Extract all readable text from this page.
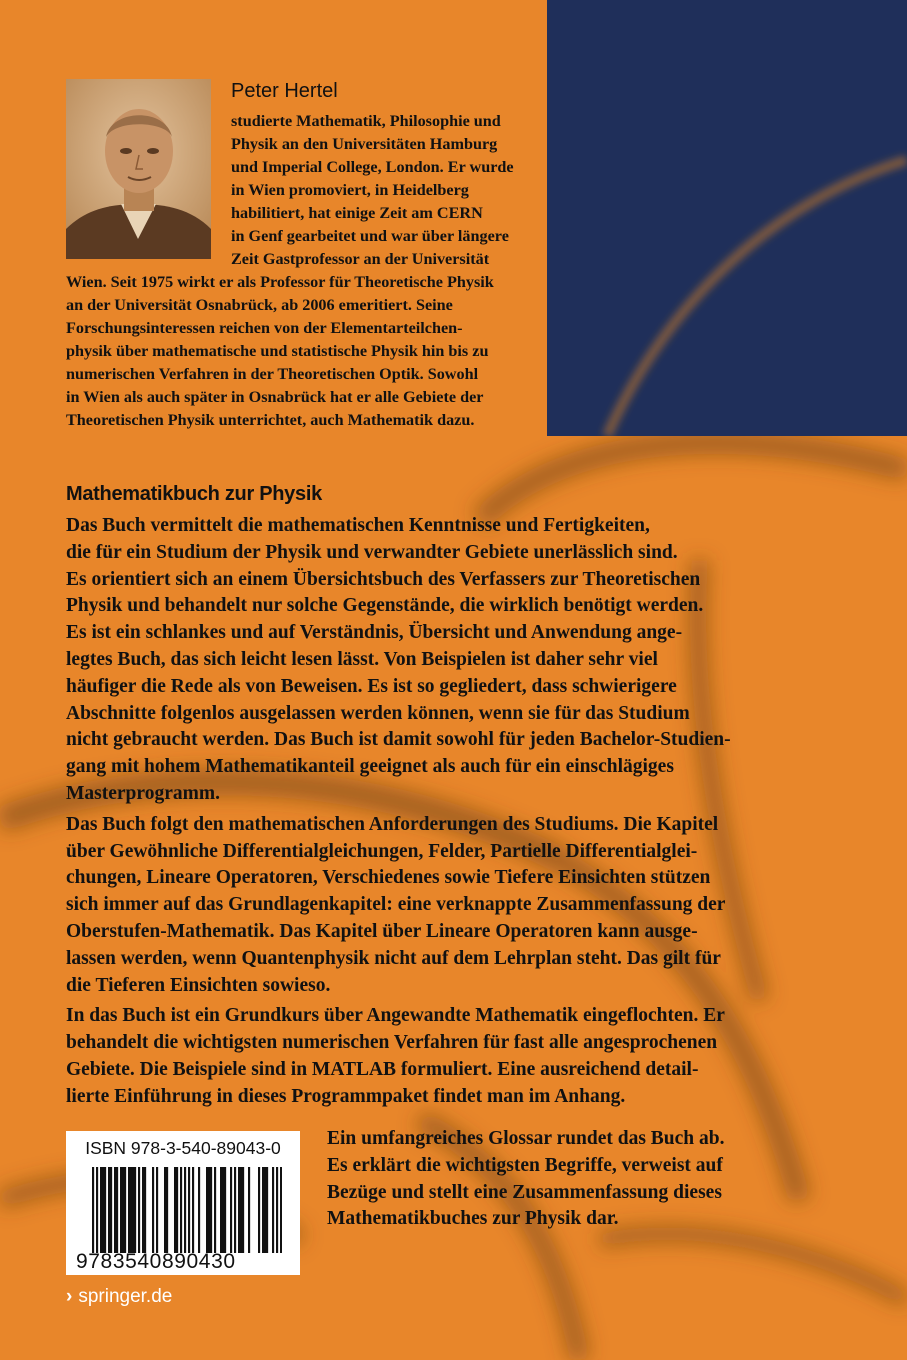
Peter Hertel
studierte Mathematik, Philosophie und
Physik an den Universitäten Hamburg
und Imperial College, London. Er wurde
in Wien promoviert, in Heidelberg
habilitiert, hat einige Zeit am CERN
in Genf gearbeitet und war über längere
Zeit Gastprofessor an der Universität
Wien. Seit 1975 wirkt er als Professor für Theoretische Physik
an der Universität Osnabrück, ab 2006 emeritiert. Seine
Forschungsinteressen reichen von der Elementarteilchen-
physik über mathematische und statistische Physik hin bis zu
numerischen Verfahren in der Theoretischen Optik. Sowohl
in Wien als auch später in Osnabrück hat er alle Gebiete der
Theoretischen Physik unterrichtet, auch Mathematik dazu.
Mathematikbuch zur Physik
Das Buch vermittelt die mathematischen Kenntnisse und Fertigkeiten,
die für ein Studium der Physik und verwandter Gebiete unerlässlich sind.
Es orientiert sich an einem Übersichtsbuch des Verfassers zur Theoretischen
Physik und behandelt nur solche Gegenstände, die wirklich benötigt werden.
Es ist ein schlankes und auf Verständnis, Übersicht und Anwendung ange-
legtes Buch, das sich leicht lesen lässt. Von Beispielen ist daher sehr viel
häufiger die Rede als von Beweisen. Es ist so gegliedert, dass schwierigere
Abschnitte folgenlos ausgelassen werden können, wenn sie für das Studium
nicht gebraucht werden. Das Buch ist damit sowohl für jeden Bachelor-Studien-
gang mit hohem Mathematikanteil geeignet als auch für ein einschlägiges
Masterprogramm.
Das Buch folgt den mathematischen Anforderungen des Studiums. Die Kapitel
über Gewöhnliche Differentialgleichungen, Felder, Partielle Differentialglei-
chungen, Lineare Operatoren, Verschiedenes sowie Tiefere Einsichten stützen
sich immer auf das Grundlagenkapitel: eine verknappte Zusammenfassung der
Oberstufen-Mathematik. Das Kapitel über Lineare Operatoren kann ausge-
lassen werden, wenn Quantenphysik nicht auf dem Lehrplan steht. Das gilt für
die Tieferen Einsichten sowieso.
In das Buch ist ein Grundkurs über Angewandte Mathematik eingeflochten. Er
behandelt die wichtigsten numerischen Verfahren für fast alle angesprochenen
Gebiete. Die Beispiele sind in MATLAB formuliert. Eine ausreichend detail-
lierte Einführung in dieses Programmpaket findet man im Anhang.
ISBN 978-3-540-89043-0
9783540890430
Ein umfangreiches Glossar rundet das Buch ab.
Es erklärt die wichtigsten Begriffe, verweist auf
Bezüge und stellt eine Zusammenfassung dieses
Mathematikbuches zur Physik dar.
› springer.de
